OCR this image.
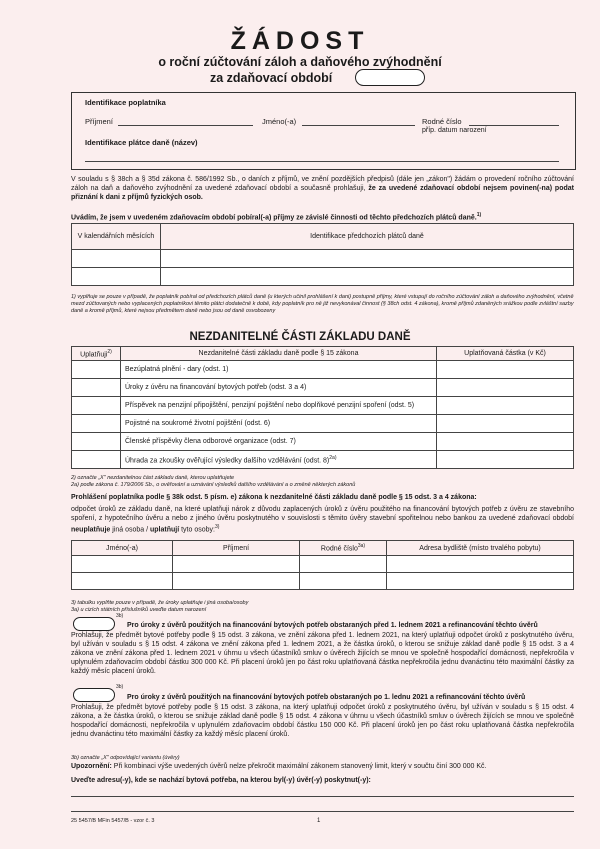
ŽÁDOST
o roční zúčtování záloh a daňového zvýhodnění
za zdaňovací období
Identifikace poplatníka
Příjmení	Jméno(-a)	Rodné číslo
příp. datum narození
Identifikace plátce daně (název)

V souladu s § 38ch a § 35d zákona č. 586/1992 Sb., o daních z příjmů, ve znění pozdějších předpisů (dále jen „zákon") žádám o provedení ročního zúčtování záloh na daň a daňového zvýhodnění za uvedené zdaňovací období a současně prohlašuji, že za uvedené zdaňovací období nejsem povinen(-na) podat přiznání k dani z příjmů fyzických osob.

Uvádím, že jsem v uvedeném zdaňovacím období pobíral(-a) příjmy ze závislé činnosti od těchto předchozích plátců daně.$^{1)}$

V kalendářních měsících	Identifikace předchozích plátců daně

1) vyplňuje se pouze v případě, že poplatník pobíral od předchozích plátců daně (u kterých učinil prohlášení k dani) postupně příjmy, které vstupují do ročního zúčtování záloh a daňového zvýhodnění, včetně mezd zúčtovaných nebo vyplacených poplatníkovi těmito plátci dodatečně k době, kdy poplatník pro ně již nevykonával činnost (§ 38ch odst. 4 zákona), kromě příjmů zdaněných srážkou podle zvláštní sazby daně a kromě příjmů, které nejsou předmětem daně nebo jsou od daně osvobozeny

NEZDANITELNÉ ČÁSTI ZÁKLADU DANĚ
Uplatňuji$^{2)}$	Nezdanitelné části základu daně podle § 15 zákona	Uplatňovaná částka (v Kč)
	Bezúplatná plnění - dary (odst. 1)	
	Úroky z úvěru na financování bytových potřeb (odst. 3 a 4)	
	Příspěvek na penzijní připojištění, penzijní pojištění nebo doplňkové penzijní spoření (odst. 5)	
	Pojistné na soukromé životní pojištění (odst. 6)	
	Členské příspěvky člena odborové organizace (odst. 7)	
	Úhrada za zkoušky ověřující výsledky dalšího vzdělávání (odst. 8)$^{2a)}$	

2) označte „X" nezdanitelnou část základu daně, kterou uplatňujete

2a) podle zákona č. 179/2006 Sb., o ověřování a uznávání výsledků dalšího vzdělávání a o změně některých zákonů

Prohlášení poplatníka podle § 38k odst. 5 písm. e) zákona k nezdanitelné části základu daně podle § 15 odst. 3 a 4 zákona:

odpočet úroků ze základu daně, na které uplatňuji nárok z důvodu zaplacených úroků z úvěru použitého na financování bytových potřeb z úvěru ze stavebního spoření, z hypotečního úvěru a nebo z jiného úvěru poskytnutého v souvislosti s těmito úvěry stavební spořitelnou nebo bankou za uvedené zdaňovací období neuplatňuje jiná osoba / uplatňují tyto osoby:$^{3)}$

Jméno(-a)	Příjmení	Rodné číslo$^{3a)}$	Adresa bydliště (místo trvalého pobytu)

3) tabulku vyplňte pouze v případě, že úroky uplatňuje i jiná osoba/osoby

3a) u cizích státních příslušníků uveďte datum narození

3b)

Pro úroky z úvěrů použitých na financování bytových potřeb obstaraných před 1. lednem 2021 a refinancování těchto úvěrů

Prohlašuji, že předmět bytové potřeby podle § 15 odst. 3 zákona, ve znění zákona před 1. lednem 2021, na který uplatňuji odpočet úroků z poskytnutého úvěru, byl užíván v souladu s § 15 odst. 4 zákona ve znění zákona před 1. lednem 2021, a že částka úroků, o kterou se snižuje základ daně podle § 15 odst. 3 a 4 zákona ve znění zákona před 1. lednem 2021 v úhrnu u všech účastníků smluv o úvěrech žijících se mnou ve společně hospodařící domácnosti, nepřekročila v uplynulém zdaňovacím období částku 300 000 Kč. Při placení úroků jen po část roku uplatňovaná částka nepřekročila jednu dvanáctinu této maximální částky za každý měsíc placení úroků.

3b)

Pro úroky z úvěrů použitých na financování bytových potřeb obstaraných po 1. lednu 2021 a refinancování těchto úvěrů

Prohlašuji, že předmět bytové potřeby podle § 15 odst. 3 zákona, na který uplatňuji odpočet úroků z poskytnutého úvěru, byl užíván v souladu s § 15 odst. 4 zákona, a že částka úroků, o kterou se snižuje základ daně podle § 15 odst. 4 zákona v úhrnu u všech účastníků smluv o úvěrech žijících se mnou ve společně hospodařící domácnosti, nepřekročila v uplynulém zdaňovacím období částku 150 000 Kč. Při placení úroků jen po část roku uplatňovaná částka nepřekročila jednu dvanáctinu této maximální částky za každý měsíc placení úroků.

3b) označte „X" odpovídající variantu (úvěry)

Upozornění: Při kombinaci výše uvedených úvěrů nelze překročit maximální zákonem stanovený limit, který v součtu činí 300 000 Kč.

Uveďte adresu(-y), kde se nachází bytová potřeba, na kterou byl(-y) úvěr(-y) poskytnut(-y):

25 5457/B MFin 5457/B - vzor č. 3	1
